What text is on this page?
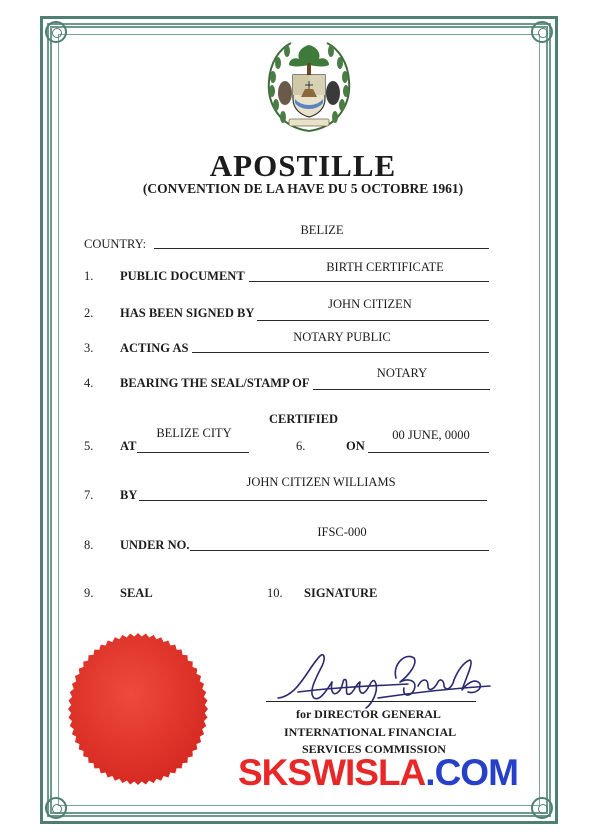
APOSTILLE
(CONVENTION DE LA HAVE DU 5 OCTOBRE 1961)
COUNTRY:
BELIZE
1. PUBLIC DOCUMENT
BIRTH CERTIFICATE
2. HAS BEEN SIGNED BY
JOHN CITIZEN
3. ACTING AS
NOTARY PUBLIC
4. BEARING THE SEAL/STAMP OF
NOTARY
CERTIFIED
5. AT
BELIZE CITY
6.	ON
00 JUNE, 0000
7. BY
JOHN CITIZEN WILLIAMS
8. UNDER NO.
IFSC-000
9. SEAL	10. SIGNATURE
for DIRECTOR GENERAL
INTERNATIONAL FINANCIAL
SERVICES COMMISSION
SKSWISLA.COM
